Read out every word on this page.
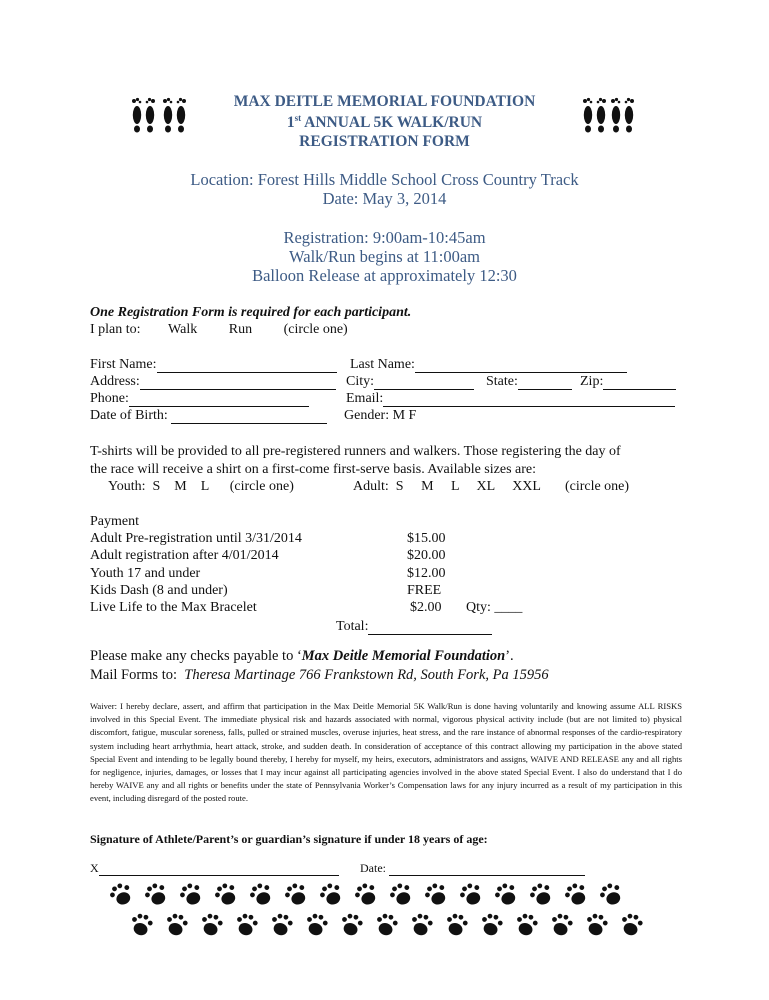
MAX DEITLE MEMORIAL FOUNDATION
1st ANNUAL 5K WALK/RUN
REGISTRATION FORM
Location: Forest Hills Middle School Cross Country Track
Date: May 3, 2014
Registration: 9:00am-10:45am
Walk/Run begins at 11:00am
Balloon Release at approximately 12:30
One Registration Form is required for each participant.
I plan to: Walk Run (circle one)
First Name:	Last Name:
Address:	City:	State:	Zip:
Phone:	Email:
Date of Birth:	Gender: M F
T-shirts will be provided to all pre-registered runners and walkers. Those registering the day of
the race will receive a shirt on a first-come first-serve basis. Available sizes are:
Youth:  S    M    L      (circle one)	Adult:  S     M     L     XL     XXL       (circle one)
Payment
Adult Pre-registration until 3/31/2014	$15.00
Adult registration after 4/01/2014	$20.00
Youth 17 and under	$12.00
Kids Dash (8 and under)	FREE
Live Life to the Max Bracelet	$2.00 Qty: ____
Total:
Please make any checks payable to ‘Max Deitle Memorial Foundation’.
Mail Forms to:  Theresa Martinage 766 Frankstown Rd, South Fork, Pa 15956
Waiver: I hereby declare, assert, and affirm that participation in the Max Deitle Memorial 5K Walk/Run is done having voluntarily and knowing assume ALL RISKS involved in this Special Event. The immediate physical risk and hazards associated with normal, vigorous physical activity include (but are not limited to) physical discomfort, fatigue, muscular soreness, falls, pulled or strained muscles, overuse injuries, heat stress, and the rare instance of abnormal responses of the cardio-respiratory system including heart arrhythmia, heart attack, stroke, and sudden death. In consideration of acceptance of this contract allowing my participation in the above stated Special Event and intending to be legally bound thereby, I hereby for myself, my heirs, executors, administrators and assigns, WAIVE AND RELEASE any and all rights for negligence, injuries, damages, or losses that I may incur against all participating agencies involved in the above stated Special Event. I also do understand that I do hereby WAIVE any and all rights or benefits under the state of Pennsylvania Worker’s Compensation laws for any injury incurred as a result of my participation in this event, including disregard of the posted route.
Signature of Athlete/Parent’s or guardian’s signature if under 18 years of age:
X	Date:
